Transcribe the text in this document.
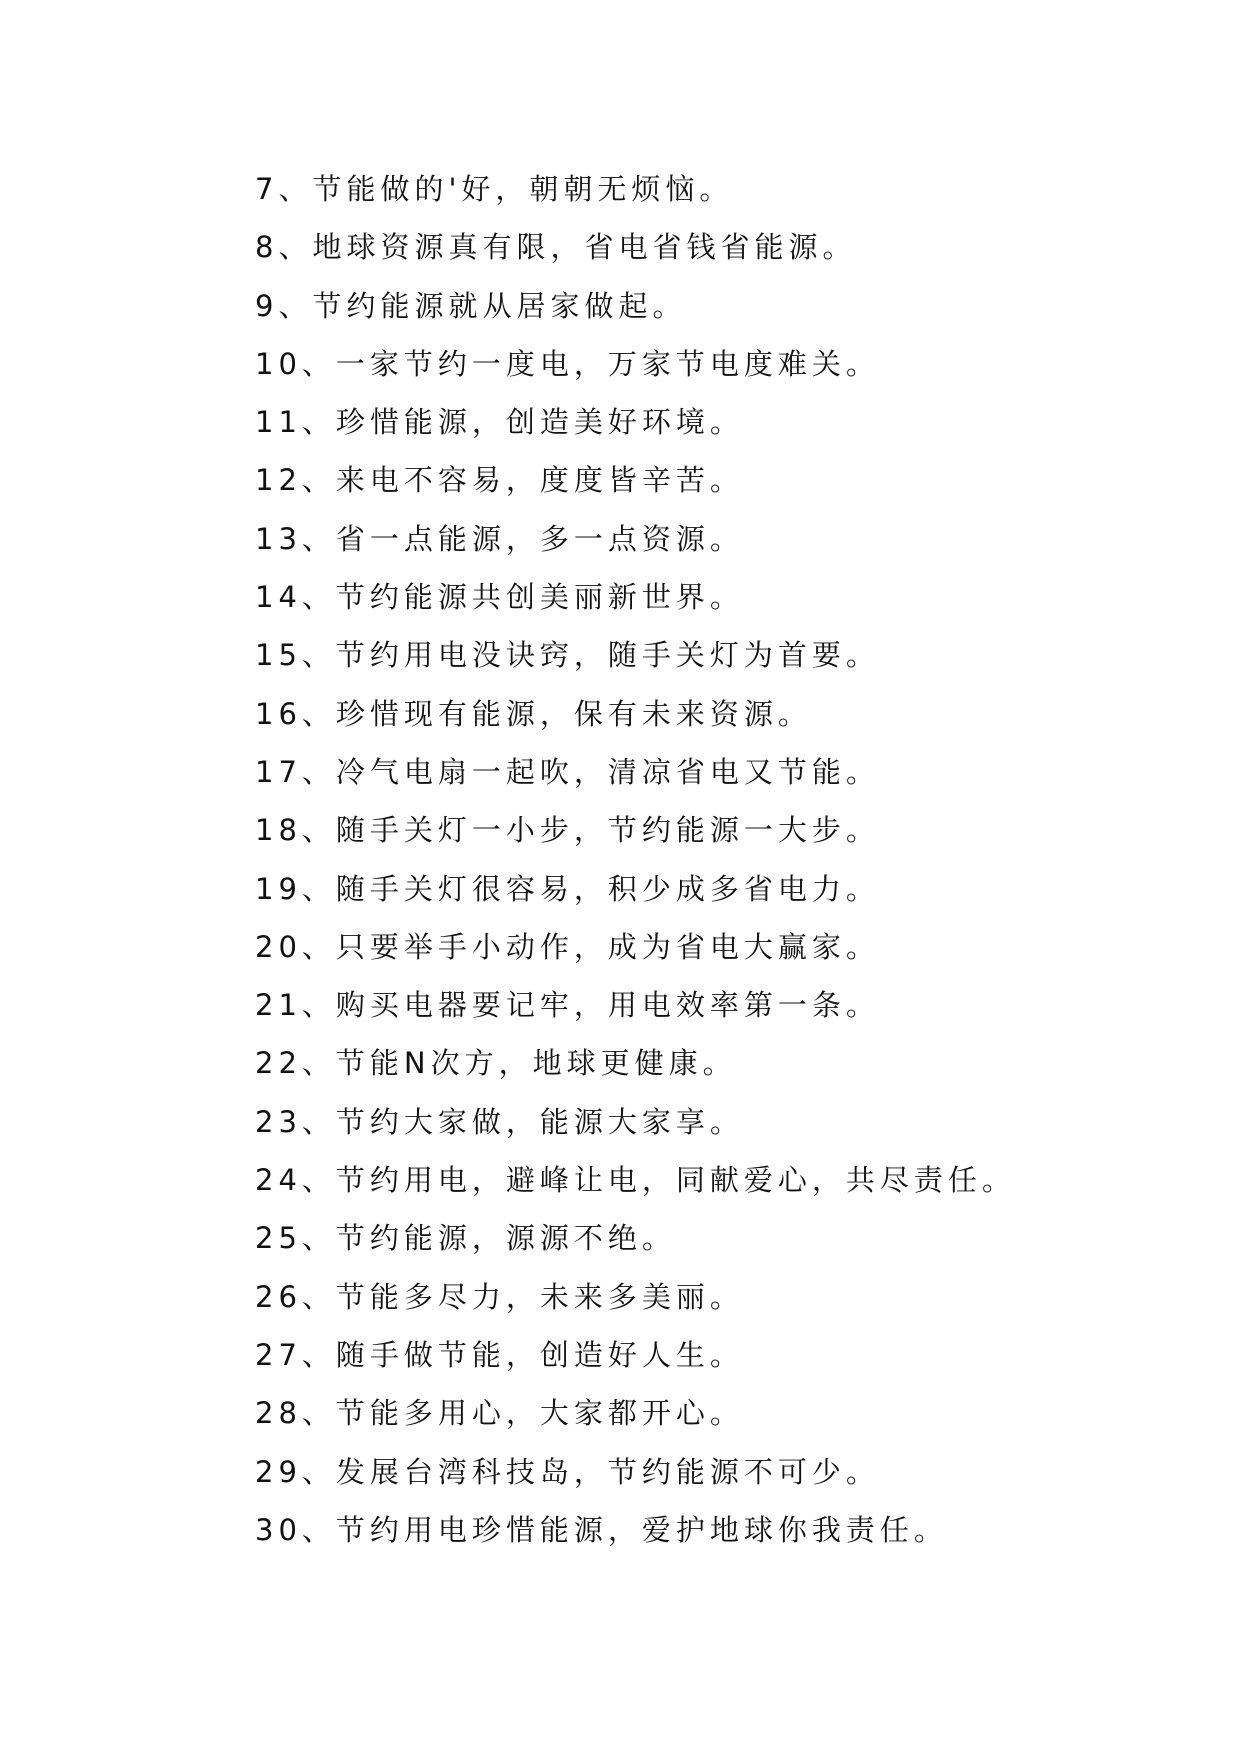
7、节能做的'好，朝朝无烦恼。
8、地球资源真有限，省电省钱省能源。
9、节约能源就从居家做起。
10、一家节约一度电，万家节电度难关。
11、珍惜能源，创造美好环境。
12、来电不容易，度度皆辛苦。
13、省一点能源，多一点资源。
14、节约能源共创美丽新世界。
15、节约用电没诀窍，随手关灯为首要。
16、珍惜现有能源，保有未来资源。
17、冷气电扇一起吹，清凉省电又节能。
18、随手关灯一小步，节约能源一大步。
19、随手关灯很容易，积少成多省电力。
20、只要举手小动作，成为省电大赢家。
21、购买电器要记牢，用电效率第一条。
22、节能N次方，地球更健康。
23、节约大家做，能源大家享。
24、节约用电，避峰让电，同献爱心，共尽责任。
25、节约能源，源源不绝。
26、节能多尽力，未来多美丽。
27、随手做节能，创造好人生。
28、节能多用心，大家都开心。
29、发展台湾科技岛，节约能源不可少。
30、节约用电珍惜能源，爱护地球你我责任。
